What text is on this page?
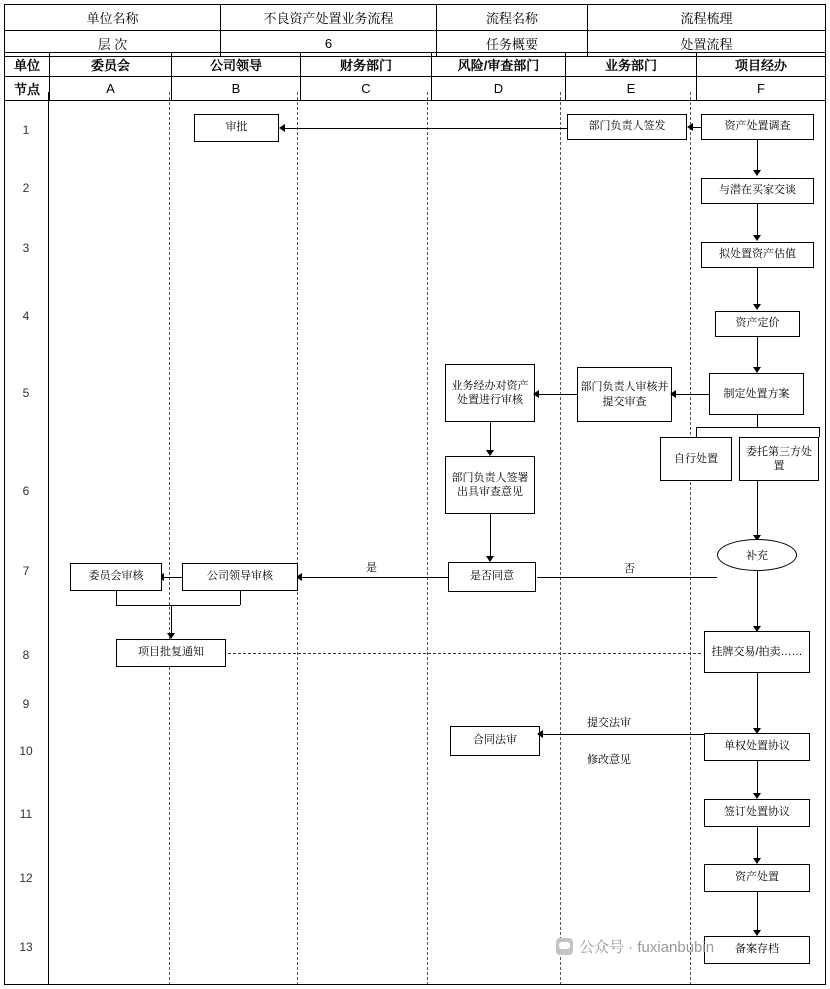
单位名称	不良资产处置业务流程	流程名称	流程梳理
层 次	6	任务概要	处置流程
单位	委员会	公司领导	财务部门	风险/审查部门	业务部门	项目经办
节点	A	B	C	D	E	F
1
2
3
4
5
6
7
8
9
10
11
12
13
资产处置调查
与潜在买家交谈
拟处置资产估值
资产定价
制定处置方案
自行处置
委托第三方处置
补充
挂牌交易/拍卖……
单权处置协议
签订处置协议
资产处置
备案存档
部门负责人签发
审批
部门负责人审核并提交审查
业务经办对资产处置进行审核
部门负责人签署出具审查意见
是否同意
否
是
公司领导审核
委员会审核
项目批复通知
合同法审
提交法审
修改意见
公众号 · fuxianbubin
